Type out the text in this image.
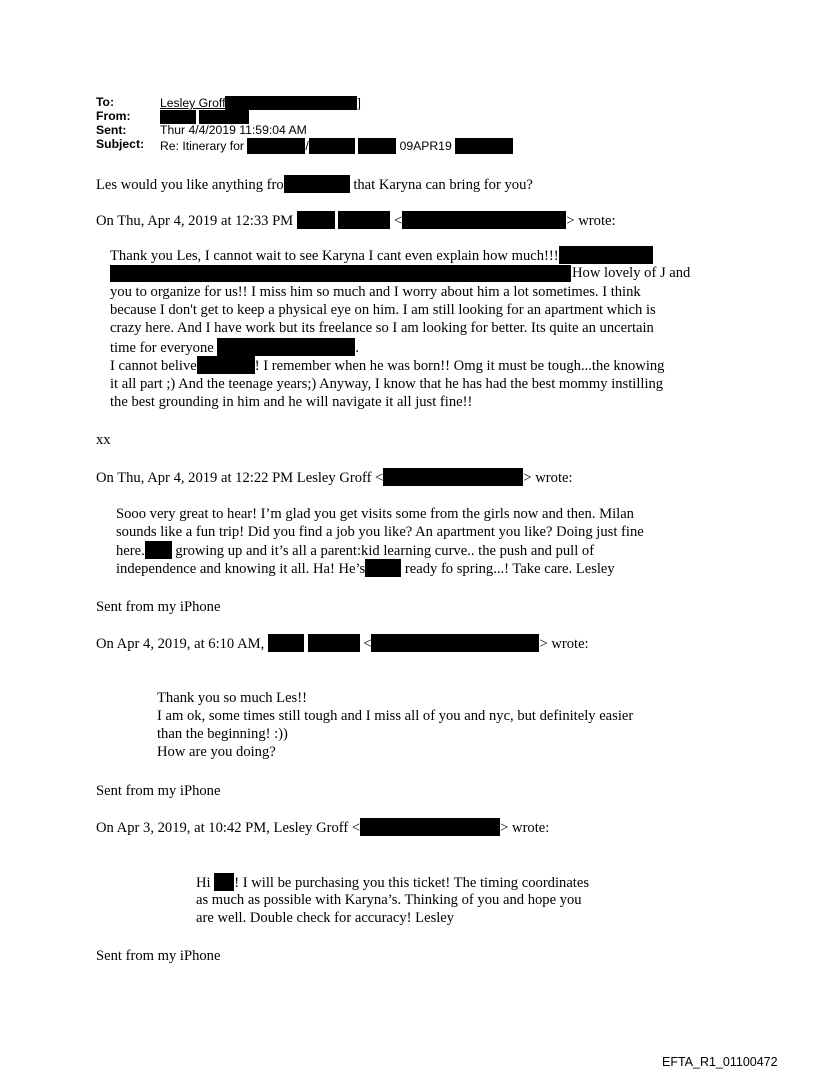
To:	Lesley Groff	]
From:

Sent:	Thur 4/4/2019 11:59:04 AM
Subject: Re: Itinerary for	/	09APR19
Les would you like anything fro	that Karyna can bring for you?
On Thu, Apr 4, 2019 at 12:33 PM	<	> wrote:
Thank you Les, I cannot wait to see Karyna I cant even explain how much!!!
How lovely of J and
you to organize for us!! I miss him so much and I worry about him a lot sometimes. I think
because I don't get to keep a physical eye on him. I am still looking for an apartment which is
crazy here. And I have work but its freelance so I am looking for better. Its quite an uncertain
time for everyone	.
I cannot belive	! I remember when he was born!! Omg it must be tough...the knowing
it all part ;) And the teenage years;) Anyway, I know that he has had the best mommy instilling
the best grounding in him and he will navigate it all just fine!!
xx
On Thu, Apr 4, 2019 at 12:22 PM Lesley Groff <	> wrote:
Sooo very great to hear! I’m glad you get visits some from the girls now and then. Milan
sounds like a fun trip! Did you find a job you like? An apartment you like? Doing just fine
here. growing up and it’s all a parent:kid learning curve.. the push and pull of
independence and knowing it all. Ha! He’s ready fo spring...! Take care. Lesley
Sent from my iPhone
On Apr 4, 2019, at 6:10 AM,	<	> wrote:
Thank you so much Les!!
I am ok, some times still tough and I miss all of you and nyc, but definitely easier
than the beginning! :))
How are you doing?
Sent from my iPhone
On Apr 3, 2019, at 10:42 PM, Lesley Groff <	> wrote:
Hi ! I will be purchasing you this ticket! The timing coordinates
as much as possible with Karyna’s. Thinking of you and hope you
are well. Double check for accuracy! Lesley
Sent from my iPhone
EFTA_R1_01100472
